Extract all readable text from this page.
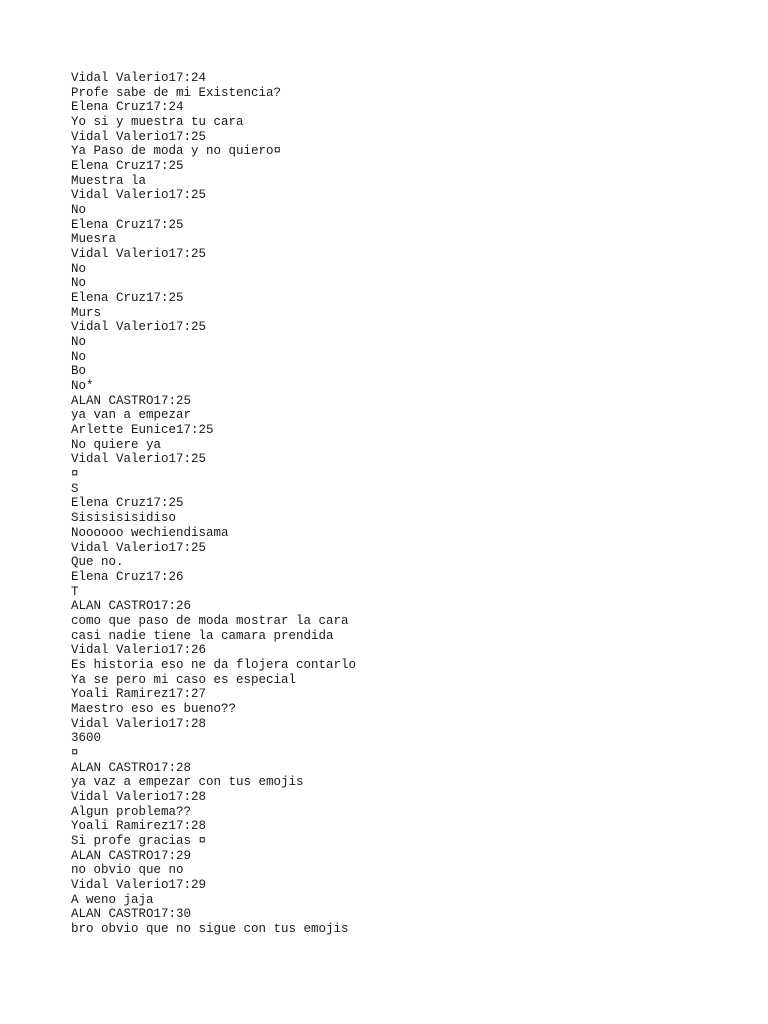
Vidal Valerio17:24
Profe sabe de mi Existencia?
Elena Cruz17:24
Yo si y muestra tu cara
Vidal Valerio17:25
Ya Paso de moda y no quiero¤
Elena Cruz17:25
Muestra la
Vidal Valerio17:25
No
Elena Cruz17:25
Muesra
Vidal Valerio17:25
No
No
Elena Cruz17:25
Murs
Vidal Valerio17:25
No
No
Bo
No*
ALAN CASTRO17:25
ya van a empezar
Arlette Eunice17:25
No quiere ya
Vidal Valerio17:25
¤
S
Elena Cruz17:25
Sisisisisidiso
Noooooo wechiendisama
Vidal Valerio17:25
Que no.
Elena Cruz17:26
T
ALAN CASTRO17:26
como que paso de moda mostrar la cara
casi nadie tiene la camara prendida
Vidal Valerio17:26
Es historia eso ne da flojera contarlo
Ya se pero mi caso es especial
Yoali Ramirez17:27
Maestro eso es bueno??
Vidal Valerio17:28
3600
¤
ALAN CASTRO17:28
ya vaz a empezar con tus emojis
Vidal Valerio17:28
Algun problema??
Yoali Ramirez17:28
Si profe gracias ¤
ALAN CASTRO17:29
no obvio que no
Vidal Valerio17:29
A weno jaja
ALAN CASTRO17:30
bro obvio que no sigue con tus emojis
